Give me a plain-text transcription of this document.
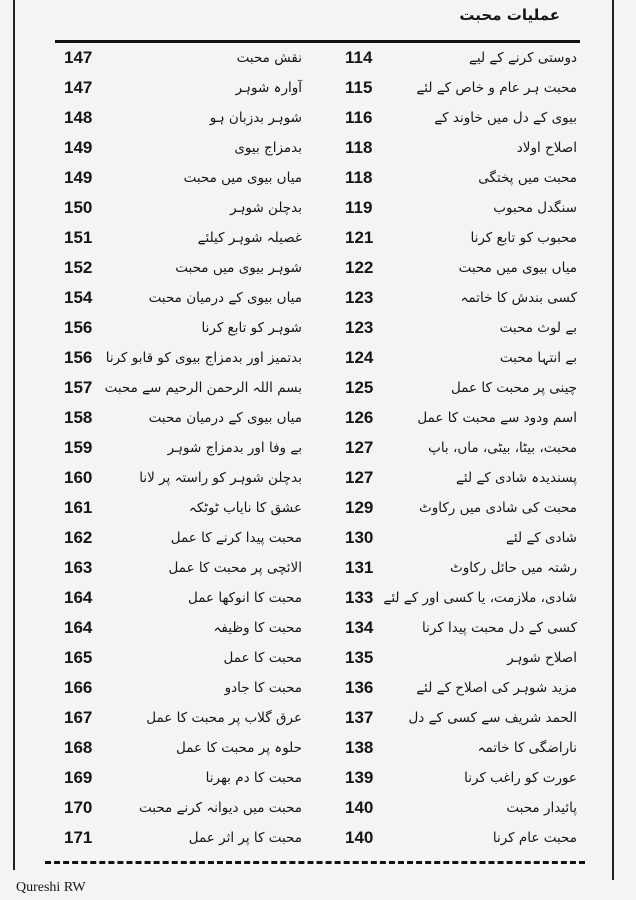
عملیات محبت
114	دوستی کرنے کے لیے
115	محبت ہر عام و خاص کے لئے
116	بیوی کے دل میں خاوند کے
118	اصلاح اولاد
118	محبت میں پختگی
119	سنگدل محبوب
121	محبوب کو تابع کرنا
122	میاں بیوی میں محبت
123	کسی بندش کا خاتمہ
123	بے لوث محبت
124	بے انتہا محبت
125	چینی پر محبت کا عمل
126	اسم ودود سے محبت کا عمل
127	محبت، بیٹا، بیٹی، ماں، باپ
127	پسندیدہ شادی کے لئے
129	محبت کی شادی میں رکاوٹ
130	شادی کے لئے
131	رشتہ میں حائل رکاوٹ
133 شادی، ملازمت، یا کسی اور کے لئے
134	کسی کے دل محبت پیدا کرنا
135	اصلاح شوہر
136	مزید شوہر کی اصلاح کے لئے
137	الحمد شریف سے کسی کے دل
138	ناراضگی کا خاتمہ
139	عورت کو راغب کرنا
140	پائیدار محبت
140	محبت عام کرنا
147	نقش محبت
147	آوارہ شوہر
148	شوہر بدزبان ہو
149	بدمزاج بیوی
149	میاں بیوی میں محبت
150	بدچلن شوہر
151	غصیلہ شوہر کیلئے
152	شوہر بیوی میں محبت
154	میاں بیوی کے درمیان محبت
156	شوہر کو تابع کرنا
156 بدتمیز اور بدمزاج بیوی کو قابو کرنا
157 بسم اللہ الرحمن الرحیم سے محبت
158	میاں بیوی کے درمیان محبت
159	بے وفا اور بدمزاج شوہر
160	بدچلن شوہر کو راستہ پر لانا
161	عشق کا نایاب ٹوٹکہ
162	محبت پیدا کرنے کا عمل
163	الائچی پر محبت کا عمل
164	محبت کا انوکھا عمل
164	محبت کا وظیفہ
165	محبت کا عمل
166	محبت کا جادو
167	عرق گلاب پر محبت کا عمل
168	حلوہ پر محبت کا عمل
169	محبت کا دم بھرنا
170	محبت میں دیوانہ کرنے محبت
171	محبت کا پر اثر عمل
Qureshi RW
